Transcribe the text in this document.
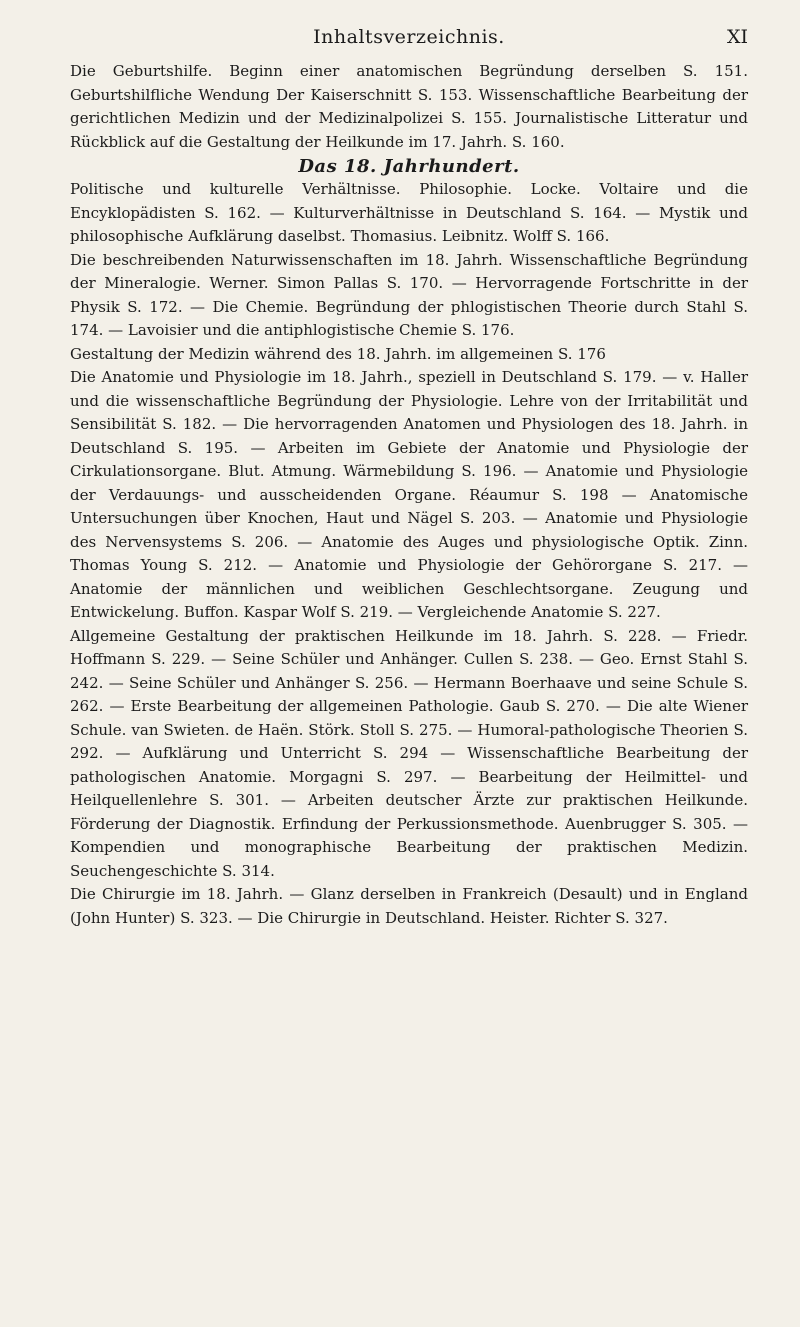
Inhaltsverzeichnis.	XI

Die Geburtshilfe. Beginn einer anatomischen Begründung derselben S. 151. Geburtshilfliche Wendung Der Kaiserschnitt S. 153. Wissenschaftliche Bearbeitung der gerichtlichen Medizin und der Medizinalpolizei S. 155. Journalistische Litteratur und Rückblick auf die Gestaltung der Heilkunde im 17. Jahrh. S. 160.

Das 18. Jahrhundert.

Politische und kulturelle Verhältnisse. Philosophie. Locke. Voltaire und die Encyklopädisten S. 162. — Kulturverhältnisse in Deutschland S. 164. — Mystik und philosophische Aufklärung daselbst. Thomasius. Leibnitz. Wolff S. 166.

Die beschreibenden Naturwissenschaften im 18. Jahrh. Wissenschaftliche Begründung der Mineralogie. Werner. Simon Pallas S. 170. — Hervorragende Fortschritte in der Physik S. 172. — Die Chemie. Begründung der phlogistischen Theorie durch Stahl S. 174. — Lavoisier und die antiphlogistische Chemie S. 176.

Gestaltung der Medizin während des 18. Jahrh. im allgemeinen S. 176

Die Anatomie und Physiologie im 18. Jahrh., speziell in Deutschland S. 179. — v. Haller und die wissenschaftliche Begründung der Physiologie. Lehre von der Irritabilität und Sensibilität S. 182. — Die hervorragenden Anatomen und Physiologen des 18. Jahrh. in Deutschland S. 195. — Arbeiten im Gebiete der Anatomie und Physiologie der Cirkulationsorgane. Blut. Atmung. Wärmebildung S. 196. — Anatomie und Physiologie der Verdauungs- und ausscheidenden Organe. Réaumur S. 198 — Anatomische Untersuchungen über Knochen, Haut und Nägel S. 203. — Anatomie und Physiologie des Nervensystems S. 206. — Anatomie des Auges und physiologische Optik. Zinn. Thomas Young S. 212. — Anatomie und Physiologie der Gehörorgane S. 217. — Anatomie der männlichen und weiblichen Geschlechtsorgane. Zeugung und Entwickelung. Buffon. Kaspar Wolf S. 219. — Vergleichende Anatomie S. 227.

Allgemeine Gestaltung der praktischen Heilkunde im 18. Jahrh. S. 228. — Friedr. Hoffmann S. 229. — Seine Schüler und Anhänger. Cullen S. 238. — Geo. Ernst Stahl S. 242. — Seine Schüler und Anhänger S. 256. — Hermann Boerhaave und seine Schule S. 262. — Erste Bearbeitung der allgemeinen Pathologie. Gaub S. 270. — Die alte Wiener Schule. van Swieten. de Haën. Störk. Stoll S. 275. — Humoral-pathologische Theorien S. 292. — Aufklärung und Unterricht S. 294 — Wissenschaftliche Bearbeitung der pathologischen Anatomie. Morgagni S. 297. — Bearbeitung der Heilmittel- und Heilquellenlehre S. 301. — Arbeiten deutscher Ärzte zur praktischen Heilkunde. Förderung der Diagnostik. Erfindung der Perkussionsmethode. Auenbrugger S. 305. — Kompendien und monographische Bearbeitung der praktischen Medizin. Seuchengeschichte S. 314.

Die Chirurgie im 18. Jahrh. — Glanz derselben in Frankreich (Desault) und in England (John Hunter) S. 323. — Die Chirurgie in Deutschland. Heister. Richter S. 327.
